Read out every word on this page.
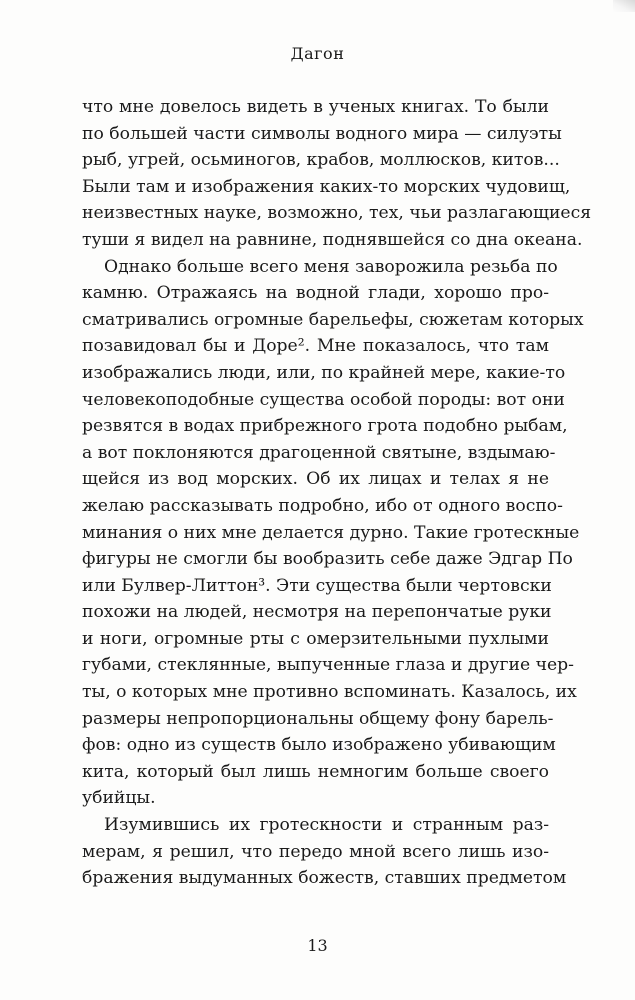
Дагон
что мне довелось видеть в ученых книгах. То были
по большей части символы водного мира — силуэты
рыб, угрей, осьминогов, крабов, моллюсков, китов...
Были там и изображения каких-то морских чудовищ,
неизвестных науке, возможно, тех, чьи разлагающиеся
туши я видел на равнине, поднявшейся со дна океана.
Однако больше всего меня заворожила резьба по
камню. Отражаясь на водной глади, хорошо про-
сматривались огромные барельефы, сюжетам которых
позавидовал бы и Доре². Мне показалось, что там
изображались люди, или, по крайней мере, какие-то
человекоподобные существа особой породы: вот они
резвятся в водах прибрежного грота подобно рыбам,
а вот поклоняются драгоценной святыне, вздымаю-
щейся из вод морских. Об их лицах и телах я не
желаю рассказывать подробно, ибо от одного воспо-
минания о них мне делается дурно. Такие гротескные
фигуры не смогли бы вообразить себе даже Эдгар По
или Булвер-Литтон³. Эти существа были чертовски
похожи на людей, несмотря на перепончатые руки
и ноги, огромные рты с омерзительными пухлыми
губами, стеклянные, выпученные глаза и другие чер-
ты, о которых мне противно вспоминать. Казалось, их
размеры непропорциональны общему фону барель-
фов: одно из существ было изображено убивающим
кита, который был лишь немногим больше своего
убийцы.
Изумившись их гротескности и странным раз-
мерам, я решил, что передо мной всего лишь изо-
бражения выдуманных божеств, ставших предметом
13
